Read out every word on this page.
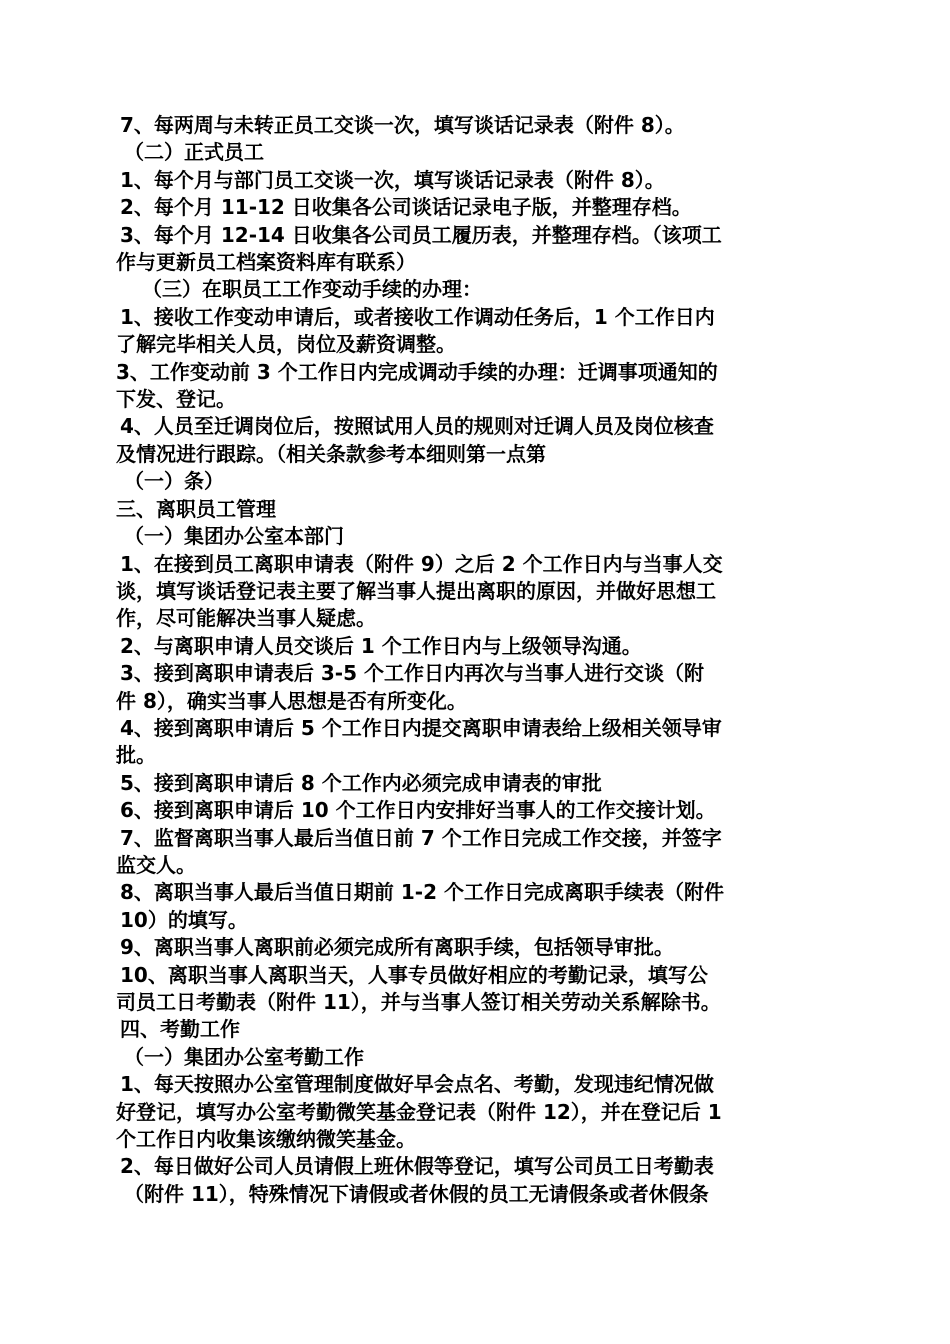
7、每两周与未转正员工交谈一次，填写谈话记录表（附件 8）。
（二）正式员工
1、每个月与部门员工交谈一次，填写谈话记录表（附件 8）。
2、每个月 11-12 日收集各公司谈话记录电子版，并整理存档。
3、每个月 12-14 日收集各公司员工履历表，并整理存档。（该项工
作与更新员工档案资料库有联系）
（三）在职员工工作变动手续的办理：
1、接收工作变动申请后，或者接收工作调动任务后，1 个工作日内
了解完毕相关人员，岗位及薪资调整。
3、工作变动前 3 个工作日内完成调动手续的办理：迁调事项通知的
下发、登记。
4、人员至迁调岗位后，按照试用人员的规则对迁调人员及岗位核查
及情况进行跟踪。（相关条款参考本细则第一点第
（一）条）
三、离职员工管理
（一）集团办公室本部门
1、在接到员工离职申请表（附件 9）之后 2 个工作日内与当事人交
谈，填写谈话登记表主要了解当事人提出离职的原因，并做好思想工
作，尽可能解决当事人疑虑。
2、与离职申请人员交谈后 1 个工作日内与上级领导沟通。
3、接到离职申请表后 3-5 个工作日内再次与当事人进行交谈（附
件 8），确实当事人思想是否有所变化。
4、接到离职申请后 5 个工作日内提交离职申请表给上级相关领导审
批。
5、接到离职申请后 8 个工作内必须完成申请表的审批
6、接到离职申请后 10 个工作日内安排好当事人的工作交接计划。
7、监督离职当事人最后当值日前 7 个工作日完成工作交接，并签字
监交人。
8、离职当事人最后当值日期前 1-2 个工作日完成离职手续表（附件
10）的填写。
9、离职当事人离职前必须完成所有离职手续，包括领导审批。
10、离职当事人离职当天，人事专员做好相应的考勤记录，填写公
司员工日考勤表（附件 11），并与当事人签订相关劳动关系解除书。
四、考勤工作
（一）集团办公室考勤工作
1、每天按照办公室管理制度做好早会点名、考勤，发现违纪情况做
好登记，填写办公室考勤微笑基金登记表（附件 12），并在登记后 1
个工作日内收集该缴纳微笑基金。
2、每日做好公司人员请假上班休假等登记，填写公司员工日考勤表
（附件 11），特殊情况下请假或者休假的员工无请假条或者休假条
